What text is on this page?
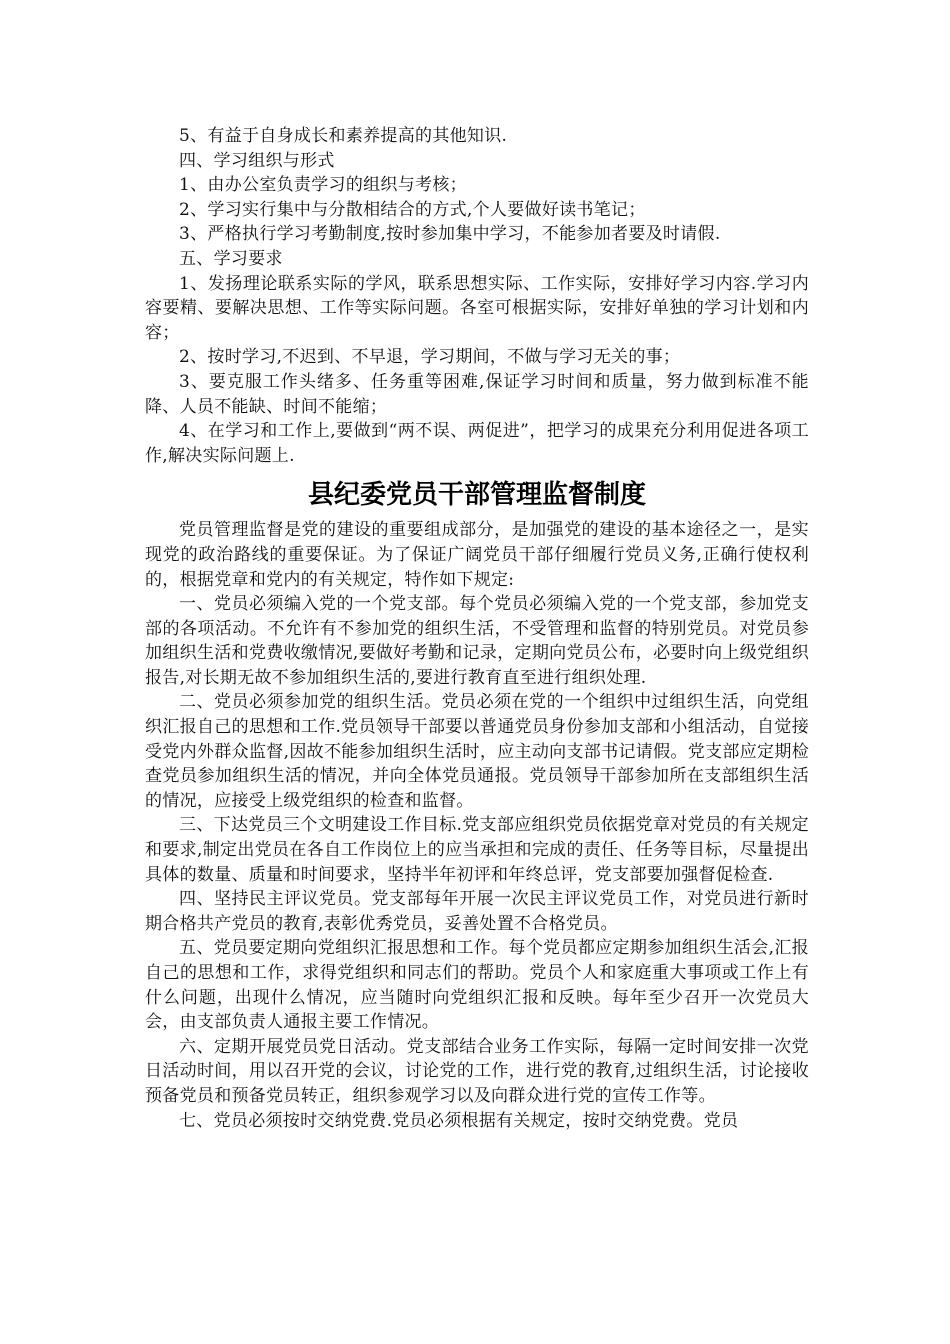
5、有益于自身成长和素养提高的其他知识.

四、学习组织与形式

1、由办公室负责学习的组织与考核；

2、学习实行集中与分散相结合的方式,个人要做好读书笔记；

3、严格执行学习考勤制度,按时参加集中学习，不能参加者要及时请假.

五、学习要求

1、发扬理论联系实际的学风，联系思想实际、工作实际，安排好学习内容.学习内容要精、要解决思想、工作等实际问题。各室可根据实际，安排好单独的学习计划和内容；

2、按时学习,不迟到、不早退，学习期间，不做与学习无关的事；

3、要克服工作头绪多、任务重等困难,保证学习时间和质量，努力做到标准不能降、人员不能缺、时间不能缩；

4、在学习和工作上,要做到“两不误、两促进”，把学习的成果充分利用促进各项工作,解决实际问题上.

县纪委党员干部管理监督制度

党员管理监督是党的建设的重要组成部分，是加强党的建设的基本途径之一，是实现党的政治路线的重要保证。为了保证广阔党员干部仔细履行党员义务,正确行使权利的，根据党章和党内的有关规定，特作如下规定:

一、党员必须编入党的一个党支部。每个党员必须编入党的一个党支部，参加党支部的各项活动。不允许有不参加党的组织生活，不受管理和监督的特别党员。对党员参加组织生活和党费收缴情况,要做好考勤和记录，定期向党员公布，必要时向上级党组织报告,对长期无故不参加组织生活的,要进行教育直至进行组织处理.

二、党员必须参加党的组织生活。党员必须在党的一个组织中过组织生活，向党组织汇报自己的思想和工作.党员领导干部要以普通党员身份参加支部和小组活动，自觉接受党内外群众监督,因故不能参加组织生活时，应主动向支部书记请假。党支部应定期检查党员参加组织生活的情况，并向全体党员通报。党员领导干部参加所在支部组织生活的情况，应接受上级党组织的检查和监督。

三、下达党员三个文明建设工作目标.党支部应组织党员依据党章对党员的有关规定和要求,制定出党员在各自工作岗位上的应当承担和完成的责任、任务等目标，尽量提出具体的数量、质量和时间要求，坚持半年初评和年终总评，党支部要加强督促检查.

四、坚持民主评议党员。党支部每年开展一次民主评议党员工作，对党员进行新时期合格共产党员的教育,表彰优秀党员，妥善处置不合格党员。

五、党员要定期向党组织汇报思想和工作。每个党员都应定期参加组织生活会,汇报自己的思想和工作，求得党组织和同志们的帮助。党员个人和家庭重大事项或工作上有什么问题，出现什么情况，应当随时向党组织汇报和反映。每年至少召开一次党员大会，由支部负责人通报主要工作情况。

六、定期开展党员党日活动。党支部结合业务工作实际，每隔一定时间安排一次党日活动时间，用以召开党的会议，讨论党的工作，进行党的教育,过组织生活，讨论接收预备党员和预备党员转正，组织参观学习以及向群众进行党的宣传工作等。

七、党员必须按时交纳党费.党员必须根据有关规定，按时交纳党费。党员
